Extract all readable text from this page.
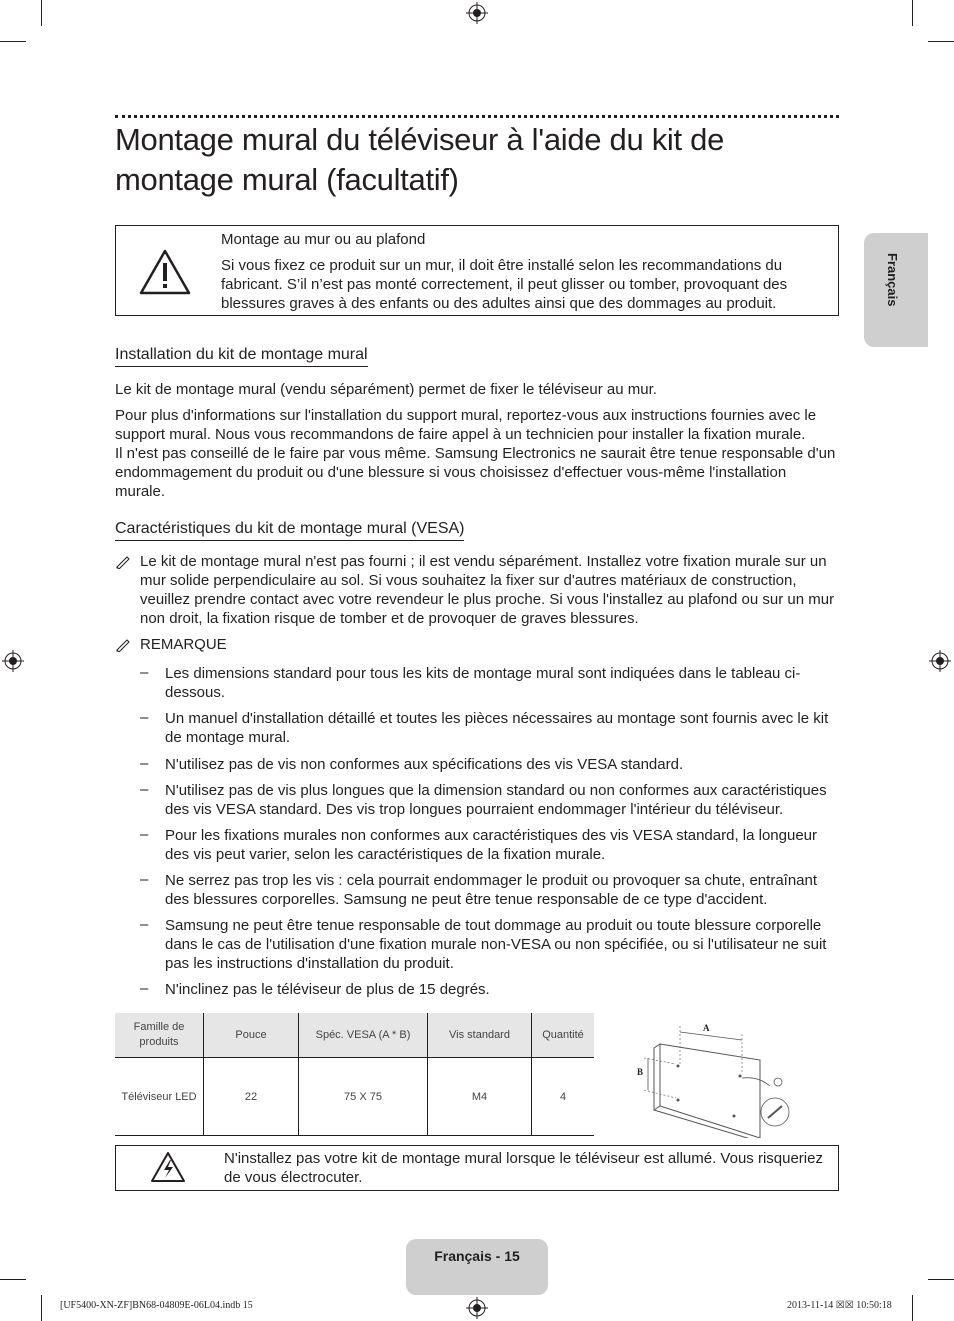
Français
Montage mural du téléviseur à l'aide du kit de montage mural (facultatif)
Montage au mur ou au plafond
Si vous fixez ce produit sur un mur, il doit être installé selon les recommandations du fabricant. S’il n’est pas monté correctement, il peut glisser ou tomber, provoquant des blessures graves à des enfants ou des adultes ainsi que des dommages au produit.
Installation du kit de montage mural
Le kit de montage mural (vendu séparément) permet de fixer le téléviseur au mur.
Pour plus d'informations sur l'installation du support mural, reportez-vous aux instructions fournies avec le support mural. Nous vous recommandons de faire appel à un technicien pour installer la fixation murale.
Il n'est pas conseillé de le faire par vous même. Samsung Electronics ne saurait être tenue responsable d'un endommagement du produit ou d'une blessure si vous choisissez d'effectuer vous-même l'installation murale.
Caractéristiques du kit de montage mural (VESA)
Le kit de montage mural n'est pas fourni ; il est vendu séparément. Installez votre fixation murale sur un mur solide perpendiculaire au sol. Si vous souhaitez la fixer sur d'autres matériaux de construction, veuillez prendre contact avec votre revendeur le plus proche. Si vous l'installez au plafond ou sur un mur non droit, la fixation risque de tomber et de provoquer de graves blessures.
REMARQUE
– Les dimensions standard pour tous les kits de montage mural sont indiquées dans le tableau ci-dessous.
– Un manuel d'installation détaillé et toutes les pièces nécessaires au montage sont fournis avec le kit de montage mural.
– N'utilisez pas de vis non conformes aux spécifications des vis VESA standard.
– N'utilisez pas de vis plus longues que la dimension standard ou non conformes aux caractéristiques des vis VESA standard. Des vis trop longues pourraient endommager l'intérieur du téléviseur.
– Pour les fixations murales non conformes aux caractéristiques des vis VESA standard, la longueur des vis peut varier, selon les caractéristiques de la fixation murale.
– Ne serrez pas trop les vis : cela pourrait endommager le produit ou provoquer sa chute, entraînant des blessures corporelles. Samsung ne peut être tenue responsable de ce type d'accident.
– Samsung ne peut être tenue responsable de tout dommage au produit ou toute blessure corporelle dans le cas de l'utilisation d'une fixation murale non-VESA ou non spécifiée, ou si l'utilisateur ne suit pas les instructions d'installation du produit.
– N'inclinez pas le téléviseur de plus de 15 degrés.
Famille de produits	Pouce	Spéc. VESA (A * B)	Vis standard	Quantité
Téléviseur LED	22	75 X 75	M4	4
A
B
N'installez pas votre kit de montage mural lorsque le téléviseur est allumé. Vous risqueriez de vous électrocuter.
Français - 15
[UF5400-XN-ZF]BN68-04809E-06L04.indb 15	2013-11-14 ☒☒ 10:50:18
